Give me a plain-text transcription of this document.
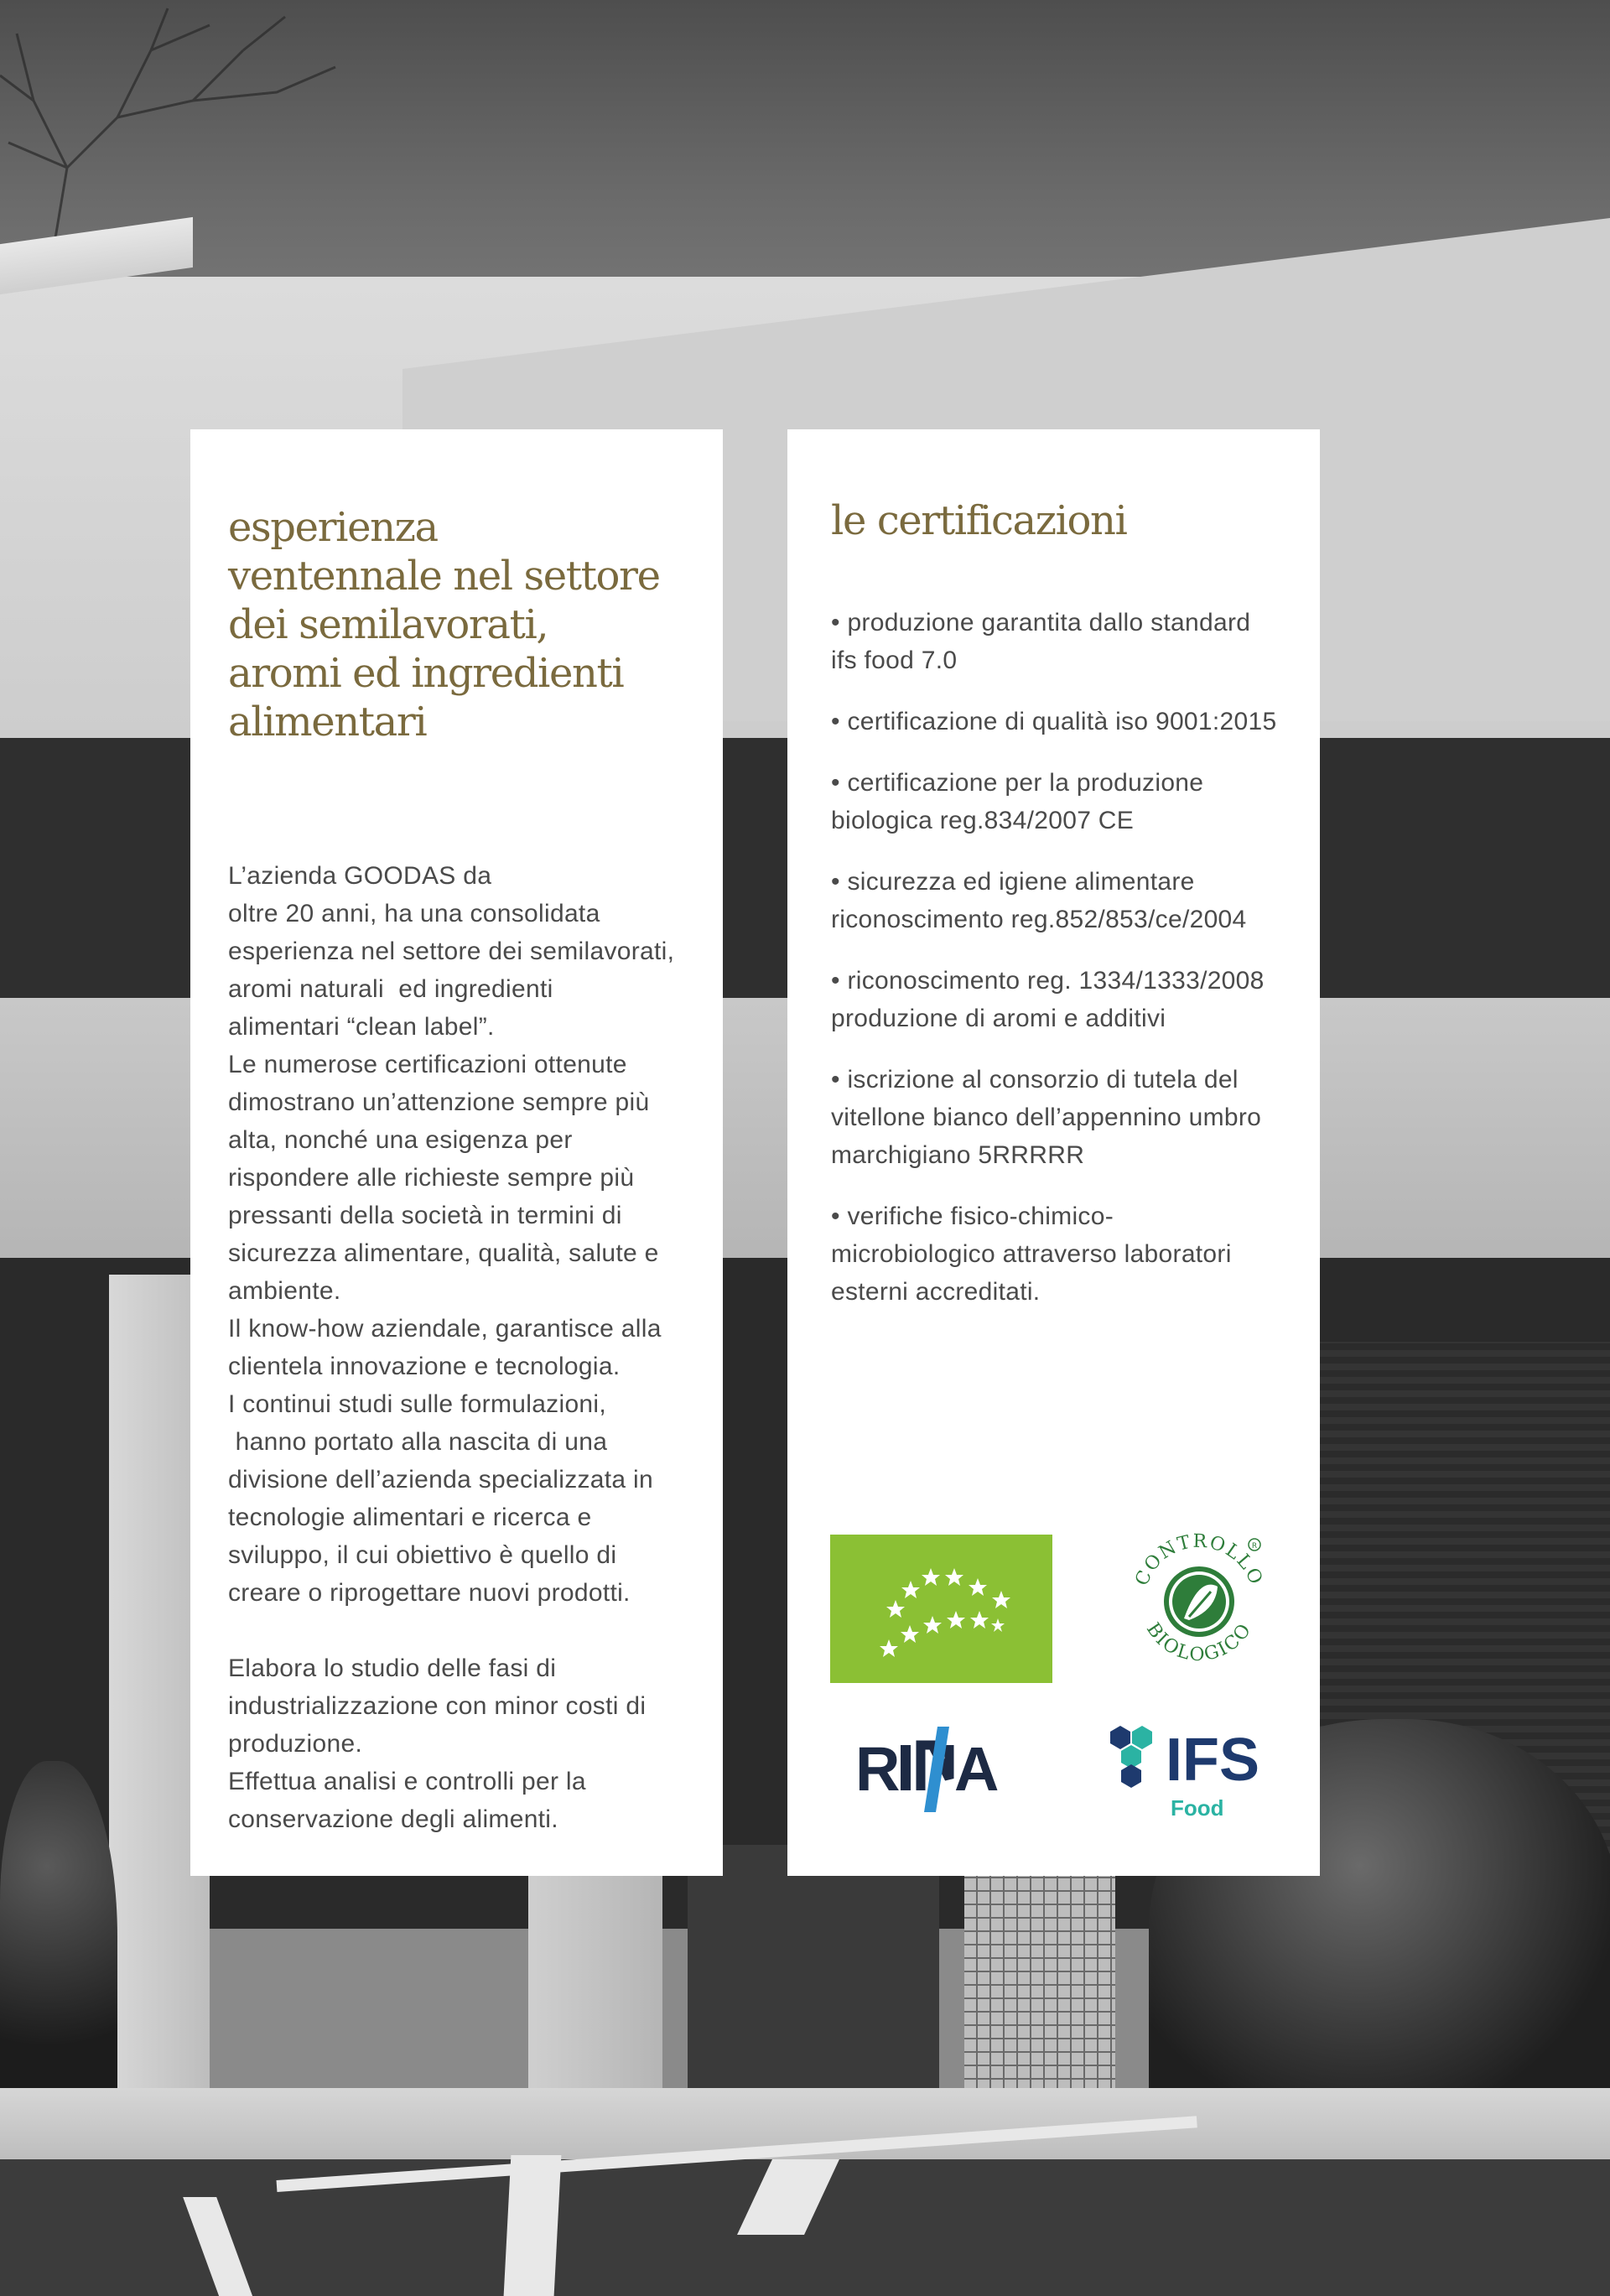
esperienza
ventennale nel settore
dei semilavorati,
aromi ed ingredienti
alimentari
L’azienda GOODAS da
oltre 20 anni, ha una consolidata
esperienza nel settore dei semilavorati,
aromi naturali  ed ingredienti
alimentari “clean label”.
Le numerose certificazioni ottenute
dimostrano un’attenzione sempre più
alta, nonché una esigenza per
rispondere alle richieste sempre più
pressanti della società in termini di
sicurezza alimentare, qualità, salute e
ambiente.
Il know-how aziendale, garantisce alla
clientela innovazione e tecnologia.
I continui studi sulle formulazioni,
hanno portato alla nascita di una
divisione dell’azienda specializzata in
tecnologie alimentari e ricerca e
sviluppo, il cui obiettivo è quello di
creare o riprogettare nuovi prodotti.
Elabora lo studio delle fasi di
industrializzazione con minor costi di
produzione.
Effettua analisi e controlli per la
conservazione degli alimenti.
le certificazioni
• produzione garantita dallo standard
ifs food 7.0
• certificazione di qualità iso 9001:2015
• certificazione per la produzione
biologica reg.834/2007 CE
• sicurezza ed igiene alimentare
riconoscimento reg.852/853/ce/2004
• riconoscimento reg. 1334/1333/2008
produzione di aromi e additivi
• iscrizione al consorzio di tutela del
vitellone bianco dell’appennino umbro
marchigiano 5RRRRR
• verifiche fisico-chimico-
microbiologico attraverso laboratori
esterni accreditati.
CONTROLLO
BIOLOGICO
R
R A	IFS
Food
